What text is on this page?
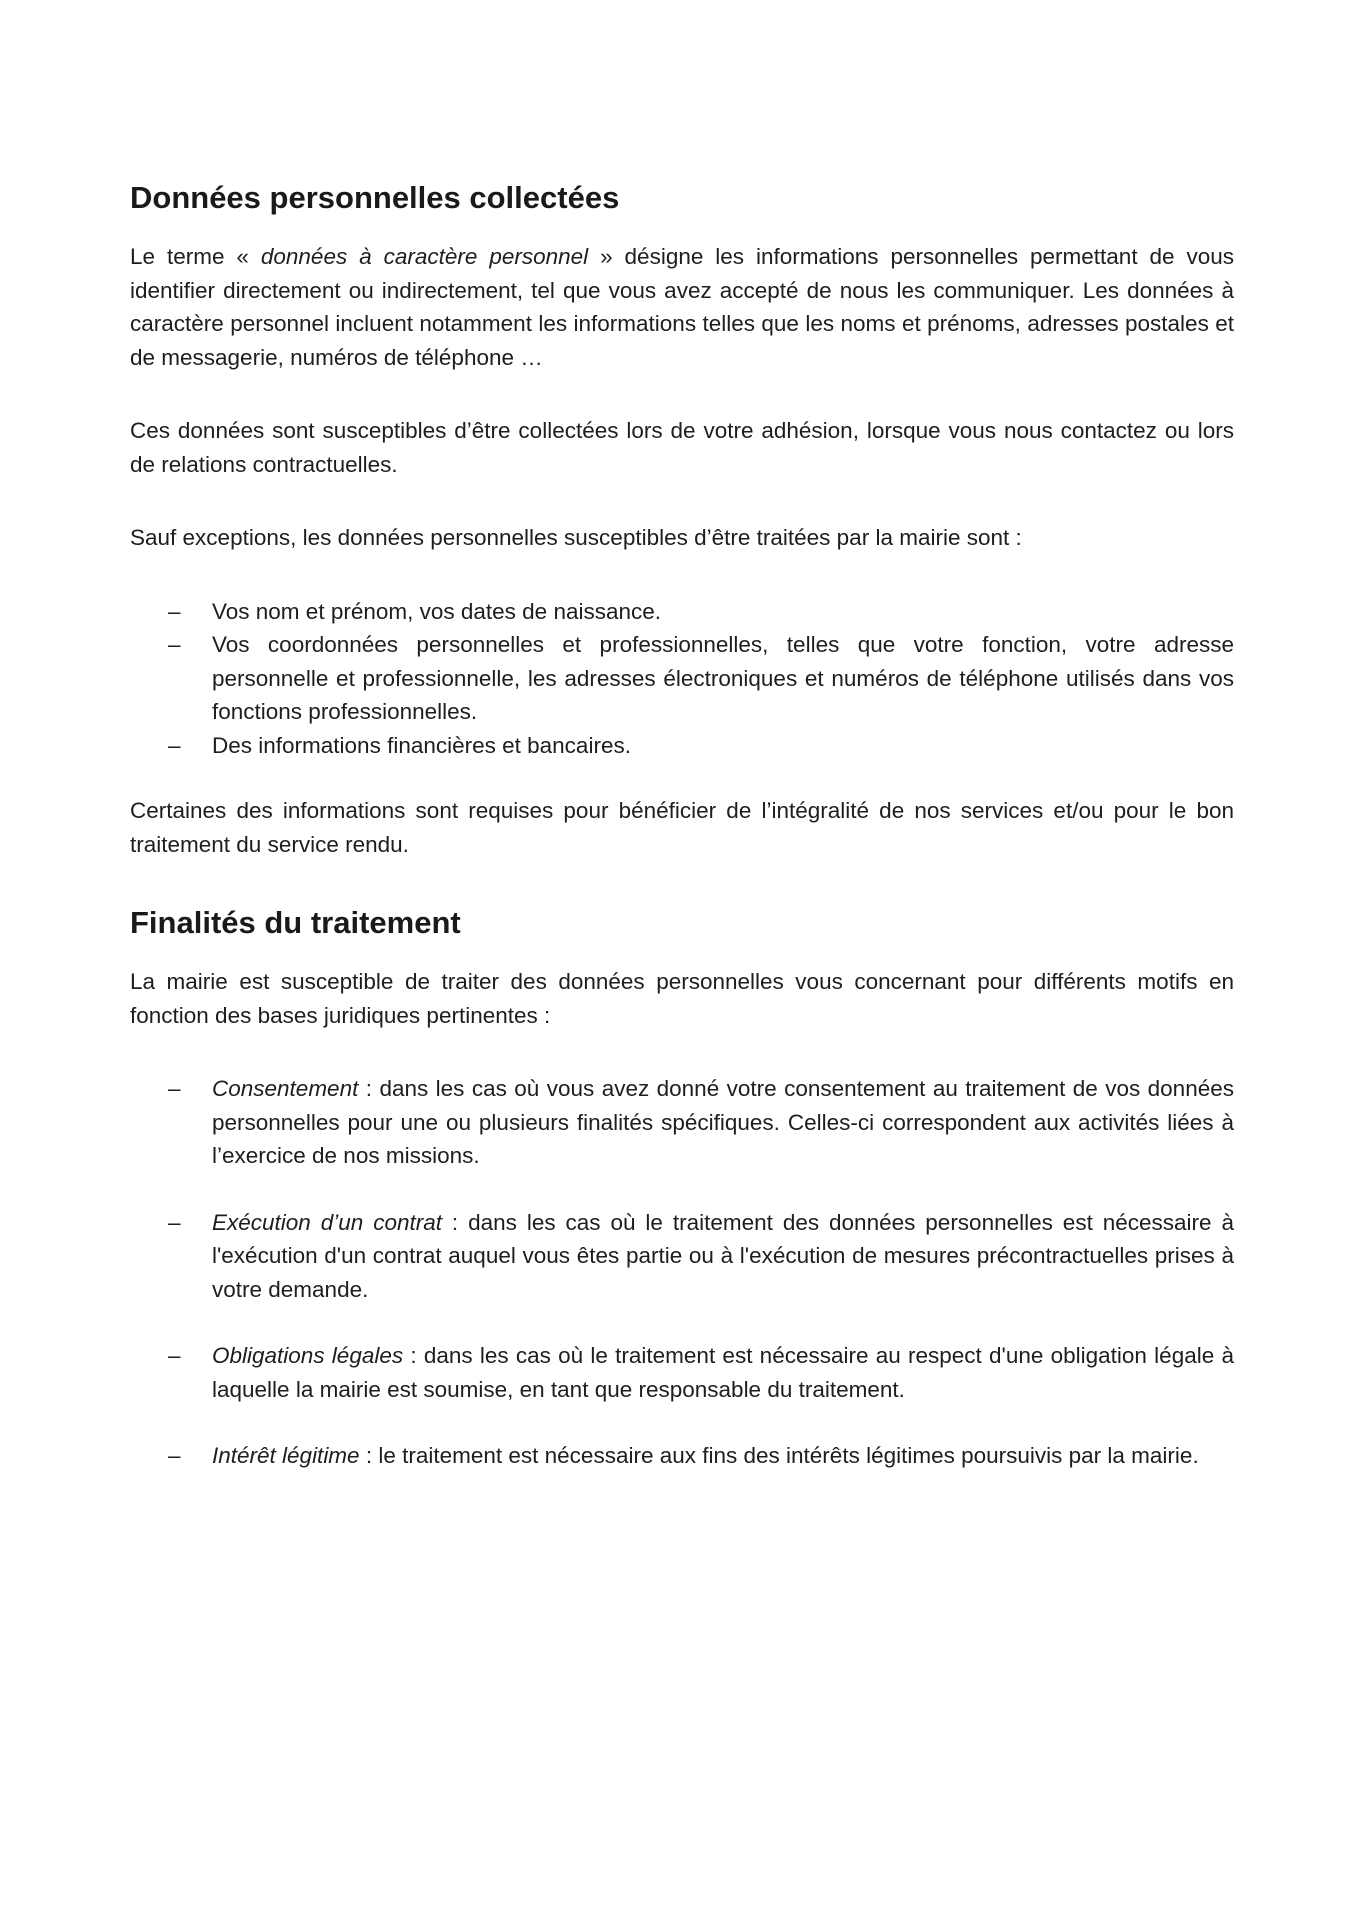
Données personnelles collectées

Le terme « données à caractère personnel » désigne les informations personnelles permettant de vous identifier directement ou indirectement, tel que vous avez accepté de nous les communiquer. Les données à caractère personnel incluent notamment les informations telles que les noms et prénoms, adresses postales et de messagerie, numéros de téléphone …

Ces données sont susceptibles d’être collectées lors de votre adhésion, lorsque vous nous contactez ou lors de relations contractuelles.

Sauf exceptions, les données personnelles susceptibles d’être traitées par la mairie sont :

– Vos nom et prénom, vos dates de naissance.
– Vos coordonnées personnelles et professionnelles, telles que votre fonction, votre adresse personnelle et professionnelle, les adresses électroniques et numéros de téléphone utilisés dans vos fonctions professionnelles.
– Des informations financières et bancaires.

Certaines des informations sont requises pour bénéficier de l’intégralité de nos services et/ou pour le bon traitement du service rendu.

Finalités du traitement

La mairie est susceptible de traiter des données personnelles vous concernant pour différents motifs en fonction des bases juridiques pertinentes :

– Consentement : dans les cas où vous avez donné votre consentement au traitement de vos données personnelles pour une ou plusieurs finalités spécifiques. Celles-ci correspondent aux activités liées à l’exercice de nos missions.
– Exécution d’un contrat : dans les cas où le traitement des données personnelles est nécessaire à l'exécution d'un contrat auquel vous êtes partie ou à l'exécution de mesures précontractuelles prises à votre demande.
– Obligations légales : dans les cas où le traitement est nécessaire au respect d'une obligation légale à laquelle la mairie est soumise, en tant que responsable du traitement.
– Intérêt légitime : le traitement est nécessaire aux fins des intérêts légitimes poursuivis par la mairie.
